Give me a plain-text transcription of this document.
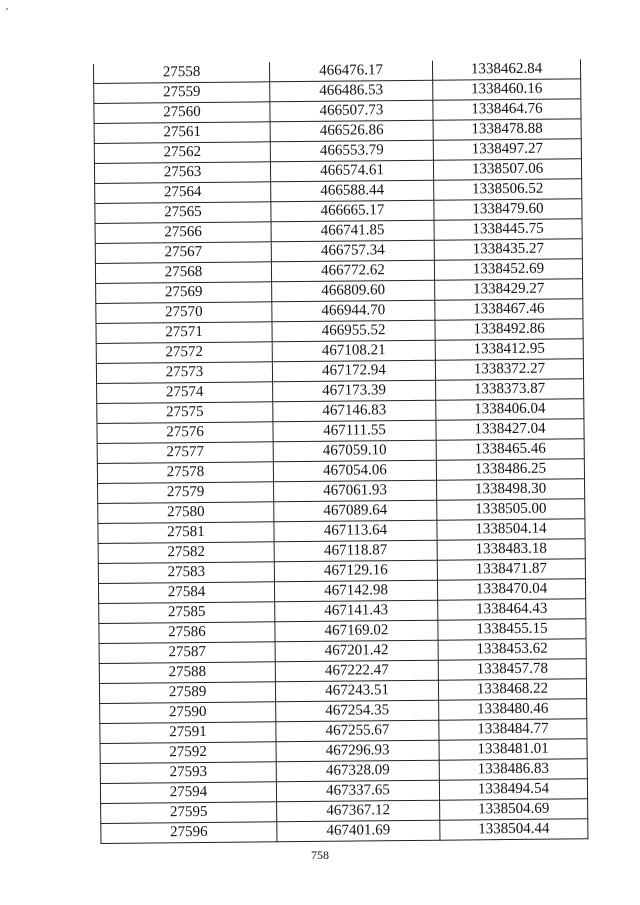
27558	466476.17	1338462.84
27559	466486.53	1338460.16
27560	466507.73	1338464.76
27561	466526.86	1338478.88
27562	466553.79	1338497.27
27563	466574.61	1338507.06
27564	466588.44	1338506.52
27565	466665.17	1338479.60
27566	466741.85	1338445.75
27567	466757.34	1338435.27
27568	466772.62	1338452.69
27569	466809.60	1338429.27
27570	466944.70	1338467.46
27571	466955.52	1338492.86
27572	467108.21	1338412.95
27573	467172.94	1338372.27
27574	467173.39	1338373.87
27575	467146.83	1338406.04
27576	467111.55	1338427.04
27577	467059.10	1338465.46
27578	467054.06	1338486.25
27579	467061.93	1338498.30
27580	467089.64	1338505.00
27581	467113.64	1338504.14
27582	467118.87	1338483.18
27583	467129.16	1338471.87
27584	467142.98	1338470.04
27585	467141.43	1338464.43
27586	467169.02	1338455.15
27587	467201.42	1338453.62
27588	467222.47	1338457.78
27589	467243.51	1338468.22
27590	467254.35	1338480.46
27591	467255.67	1338484.77
27592	467296.93	1338481.01
27593	467328.09	1338486.83
27594	467337.65	1338494.54
27595	467367.12	1338504.69
27596	467401.69	1338504.44
758
